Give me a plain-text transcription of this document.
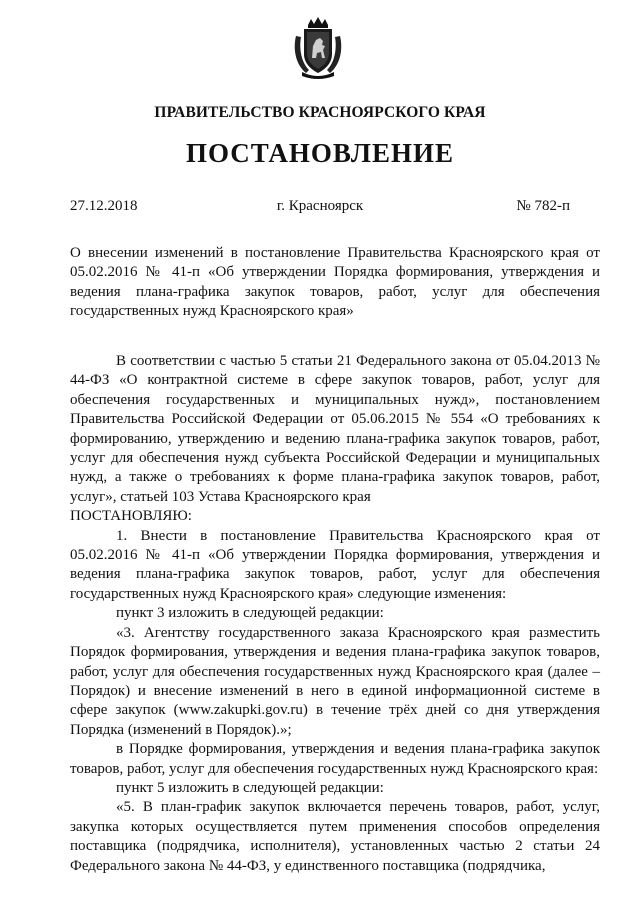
ПРАВИТЕЛЬСТВО КРАСНОЯРСКОГО КРАЯ
ПОСТАНОВЛЕНИЕ
27.12.2018	г. Красноярск	№ 782-п
О внесении изменений в постановление Правительства Красноярского края от 05.02.2016 № 41-п «Об утверждении Порядка формирования, утверждения и ведения плана-графика закупок товаров, работ, услуг для обеспечения государственных нужд Красноярского края»

В соответствии с частью 5 статьи 21 Федерального закона от 05.04.2013 № 44-ФЗ «О контрактной системе в сфере закупок товаров, работ, услуг для обеспечения государственных и муниципальных нужд», постановлением Правительства Российской Федерации от 05.06.2015 № 554 «О требованиях к формированию, утверждению и ведению плана-графика закупок товаров, работ, услуг для обеспечения нужд субъекта Российской Федерации и муниципальных нужд, а также о требованиях к форме плана-графика закупок товаров, работ, услуг», статьей 103 Устава Красноярского края

ПОСТАНОВЛЯЮ:

1. Внести в постановление Правительства Красноярского края от 05.02.2016 № 41-п «Об утверждении Порядка формирования, утверждения и ведения плана-графика закупок товаров, работ, услуг для обеспечения государственных нужд Красноярского края» следующие изменения:

пункт 3 изложить в следующей редакции:

«3. Агентству государственного заказа Красноярского края разместить Порядок формирования, утверждения и ведения плана-графика закупок товаров, работ, услуг для обеспечения государственных нужд Красноярского края (далее – Порядок) и внесение изменений в него в единой информационной системе в сфере закупок (www.zakupki.gov.ru) в течение трёх дней со дня утверждения Порядка (изменений в Порядок).»;

в Порядке формирования, утверждения и ведения плана-графика закупок товаров, работ, услуг для обеспечения государственных нужд Красноярского края:

пункт 5 изложить в следующей редакции:

«5. В план-график закупок включается перечень товаров, работ, услуг, закупка которых осуществляется путем применения способов определения поставщика (подрядчика, исполнителя), установленных частью 2 статьи 24 Федерального закона № 44-ФЗ, у единственного поставщика (подрядчика,
